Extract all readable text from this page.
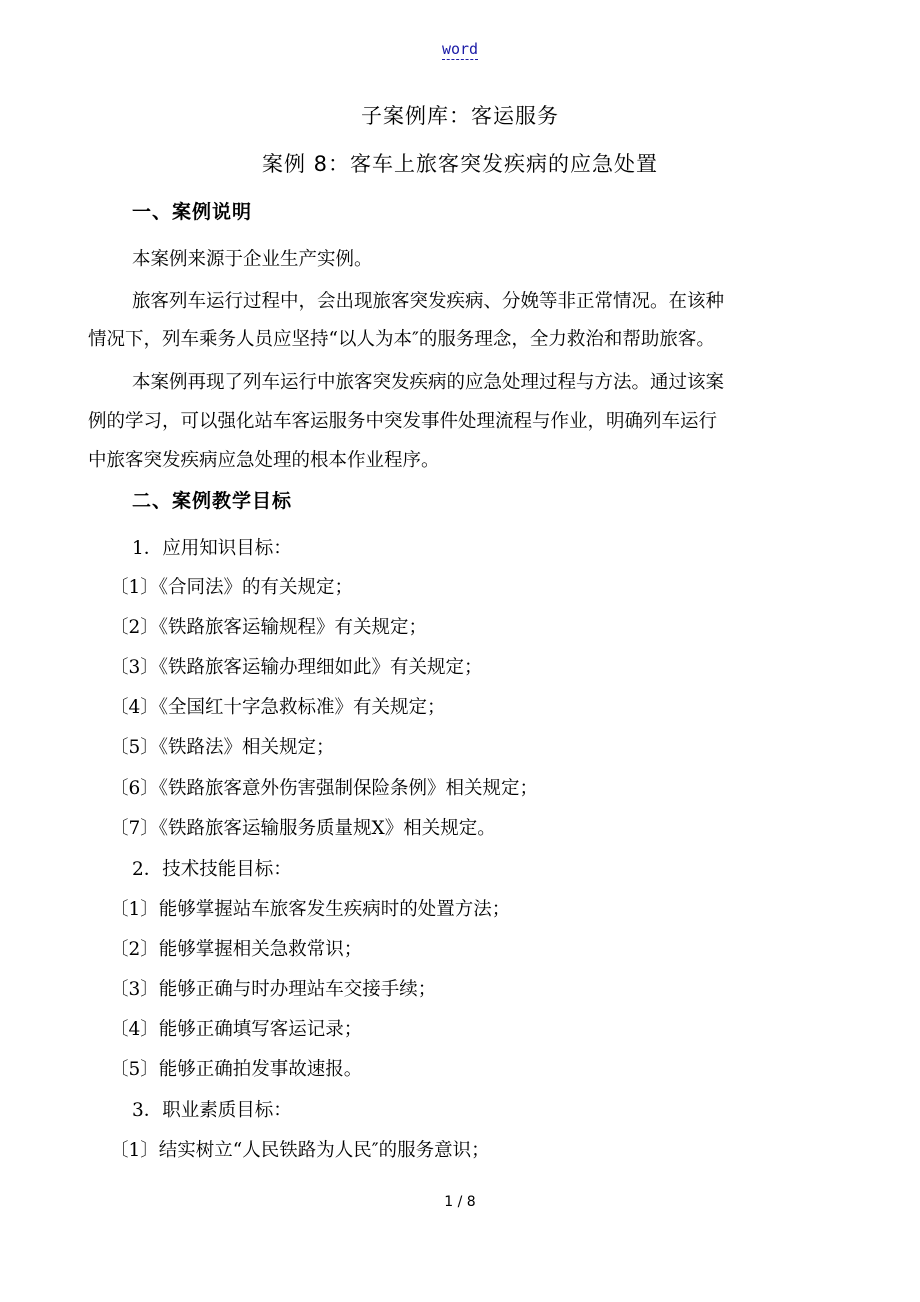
word
子案例库：客运服务
案例 8：客车上旅客突发疾病的应急处置
一、案例说明
本案例来源于企业生产实例。
旅客列车运行过程中，会出现旅客突发疾病、分娩等非正常情况。在该种
情况下，列车乘务人员应坚持“以人为本″的服务理念，全力救治和帮助旅客。
本案例再现了列车运行中旅客突发疾病的应急处理过程与方法。通过该案
例的学习，可以强化站车客运服务中突发事件处理流程与作业，明确列车运行
中旅客突发疾病应急处理的根本作业程序。
二、案例教学目标
1．应用知识目标：
〔1〕《合同法》的有关规定；
〔2〕《铁路旅客运输规程》有关规定；
〔3〕《铁路旅客运输办理细如此》有关规定；
〔4〕《全国红十字急救标准》有关规定；
〔5〕《铁路法》相关规定；
〔6〕《铁路旅客意外伤害强制保险条例》相关规定；
〔7〕《铁路旅客运输服务质量规X》相关规定。
2．技术技能目标：
〔1〕能够掌握站车旅客发生疾病时的处置方法；
〔2〕能够掌握相关急救常识；
〔3〕能够正确与时办理站车交接手续；
〔4〕能够正确填写客运记录；
〔5〕能够正确拍发事故速报。
3．职业素质目标：
〔1〕结实树立“人民铁路为人民″的服务意识；
1 / 8
